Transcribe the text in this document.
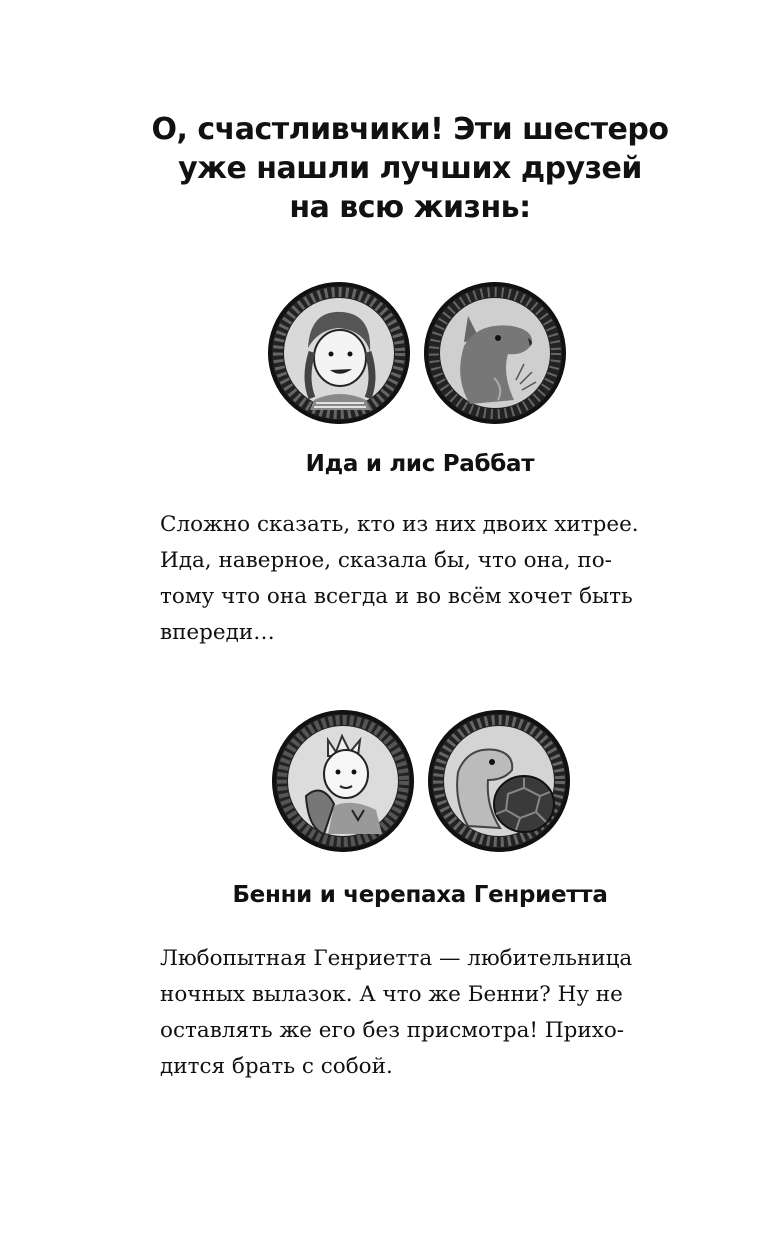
О, счастливчики! Эти шестеро
уже нашли лучших друзей
на всю жизнь:
Ида и лис Раббат

Сложно сказать, кто из них двоих хитрее.
Ида, наверное, сказала бы, что она, по-
тому что она всегда и во всём хочет быть
впереди…

Бенни и черепаха Генриетта

Любопытная Генриетта — любительница
ночных вылазок. А что же Бенни? Ну не
оставлять же его без присмотра! Прихо-
дится брать с собой.
